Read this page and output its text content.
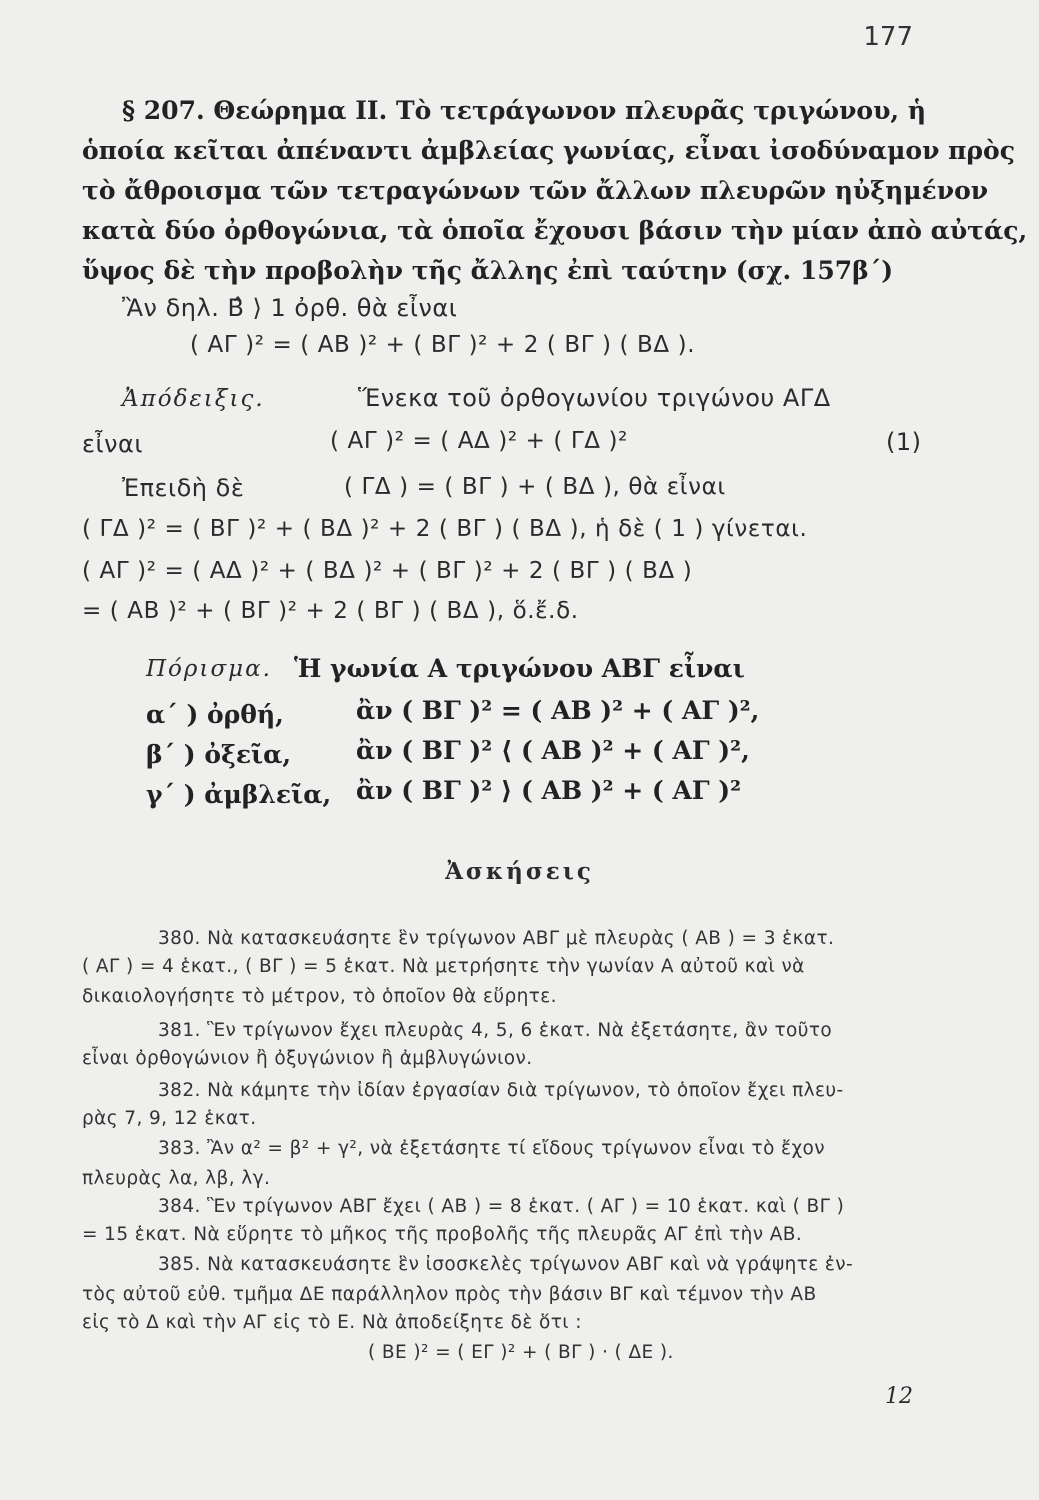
177
§ 207. Θεώρημα ΙΙ. Τὸ τετράγωνον πλευρᾶς τριγώνου, ἡ
ὁποία κεῖται ἀπέναντι ἀμβλείας γωνίας, εἶναι ἰσοδύναμον πρὸς
τὸ ἄθροισμα τῶν τετραγώνων τῶν ἄλλων πλευρῶν ηὐξημένον
κατὰ δύο ὀρθογώνια, τὰ ὁποῖα ἔχουσι βάσιν τὴν μίαν ἀπὸ αὐτάς,
ὕψος δὲ τὴν προβολὴν τῆς ἄλλης ἐπὶ ταύτην (σχ. 157β΄)
Ἂν δηλ. Β̂ ⟩ 1 ὀρθ. θὰ εἶναι
( ΑΓ )² = ( ΑΒ )² + ( ΒΓ )² + 2 ( ΒΓ ) ( ΒΔ ).
Ἀπόδειξις.	Ἕνεκα τοῦ ὀρθογωνίου τριγώνου ΑΓΔ
εἶναι	( ΑΓ )² = ( ΑΔ )² + ( ΓΔ )²	(1)
Ἐπειδὴ δὲ	( ΓΔ ) = ( ΒΓ ) + ( ΒΔ ), θὰ εἶναι
( ΓΔ )² = ( ΒΓ )² + ( ΒΔ )² + 2 ( ΒΓ ) ( ΒΔ ), ἡ δὲ ( 1 ) γίνεται.
( ΑΓ )² = ( ΑΔ )² + ( ΒΔ )² + ( ΒΓ )² + 2 ( ΒΓ ) ( ΒΔ )
= ( ΑΒ )² + ( ΒΓ )² + 2 ( ΒΓ ) ( ΒΔ ), ὅ.ἔ.δ.
Πόρισμα. Ἡ γωνία Α τριγώνου ΑΒΓ εἶναι
α΄ ) ὀρθή,	ἂν ( ΒΓ )² = ( ΑΒ )² + ( ΑΓ )²,
β΄ ) ὀξεῖα,	ἂν ( ΒΓ )² ⟨ ( ΑΒ )² + ( ΑΓ )²,
γ΄ ) ἀμβλεῖα, ἂν ( ΒΓ )² ⟩ ( ΑΒ )² + ( ΑΓ )²
Ἀσκήσεις
380. Νὰ κατασκευάσητε ἓν τρίγωνον ΑΒΓ μὲ πλευρὰς ( ΑΒ ) = 3 ἑκατ.
( ΑΓ ) = 4 ἑκατ., ( ΒΓ ) = 5 ἑκατ. Νὰ μετρήσητε τὴν γωνίαν Α αὐτοῦ καὶ νὰ
δικαιολογήσητε τὸ μέτρον, τὸ ὁποῖον θὰ εὕρητε.
381. Ἓν τρίγωνον ἔχει πλευρὰς 4, 5, 6 ἑκατ. Νὰ ἐξετάσητε, ἂν τοῦτο
εἶναι ὀρθογώνιον ἢ ὀξυγώνιον ἢ ἀμβλυγώνιον.
382. Νὰ κάμητε τὴν ἰδίαν ἐργασίαν διὰ τρίγωνον, τὸ ὁποῖον ἔχει πλευ-
ρὰς 7, 9, 12 ἑκατ.
383. Ἂν α² = β² + γ², νὰ ἐξετάσητε τί εἴδους τρίγωνον εἶναι τὸ ἔχον
πλευρὰς λα, λβ, λγ.
384. Ἓν τρίγωνον ΑΒΓ ἔχει ( ΑΒ ) = 8 ἑκατ. ( ΑΓ ) = 10 ἑκατ. καὶ ( ΒΓ )
= 15 ἑκατ. Νὰ εὕρητε τὸ μῆκος τῆς προβολῆς τῆς πλευρᾶς ΑΓ ἐπὶ τὴν ΑΒ.
385. Νὰ κατασκευάσητε ἓν ἰσοσκελὲς τρίγωνον ΑΒΓ καὶ νὰ γράψητε ἐν-
τὸς αὐτοῦ εὐθ. τμῆμα ΔΕ παράλληλον πρὸς τὴν βάσιν ΒΓ καὶ τέμνον τὴν ΑΒ
εἰς τὸ Δ καὶ τὴν ΑΓ εἰς τὸ Ε. Νὰ ἀποδείξητε δὲ ὅτι :
( ΒΕ )² = ( ΕΓ )² + ( ΒΓ ) · ( ΔΕ ).
12
